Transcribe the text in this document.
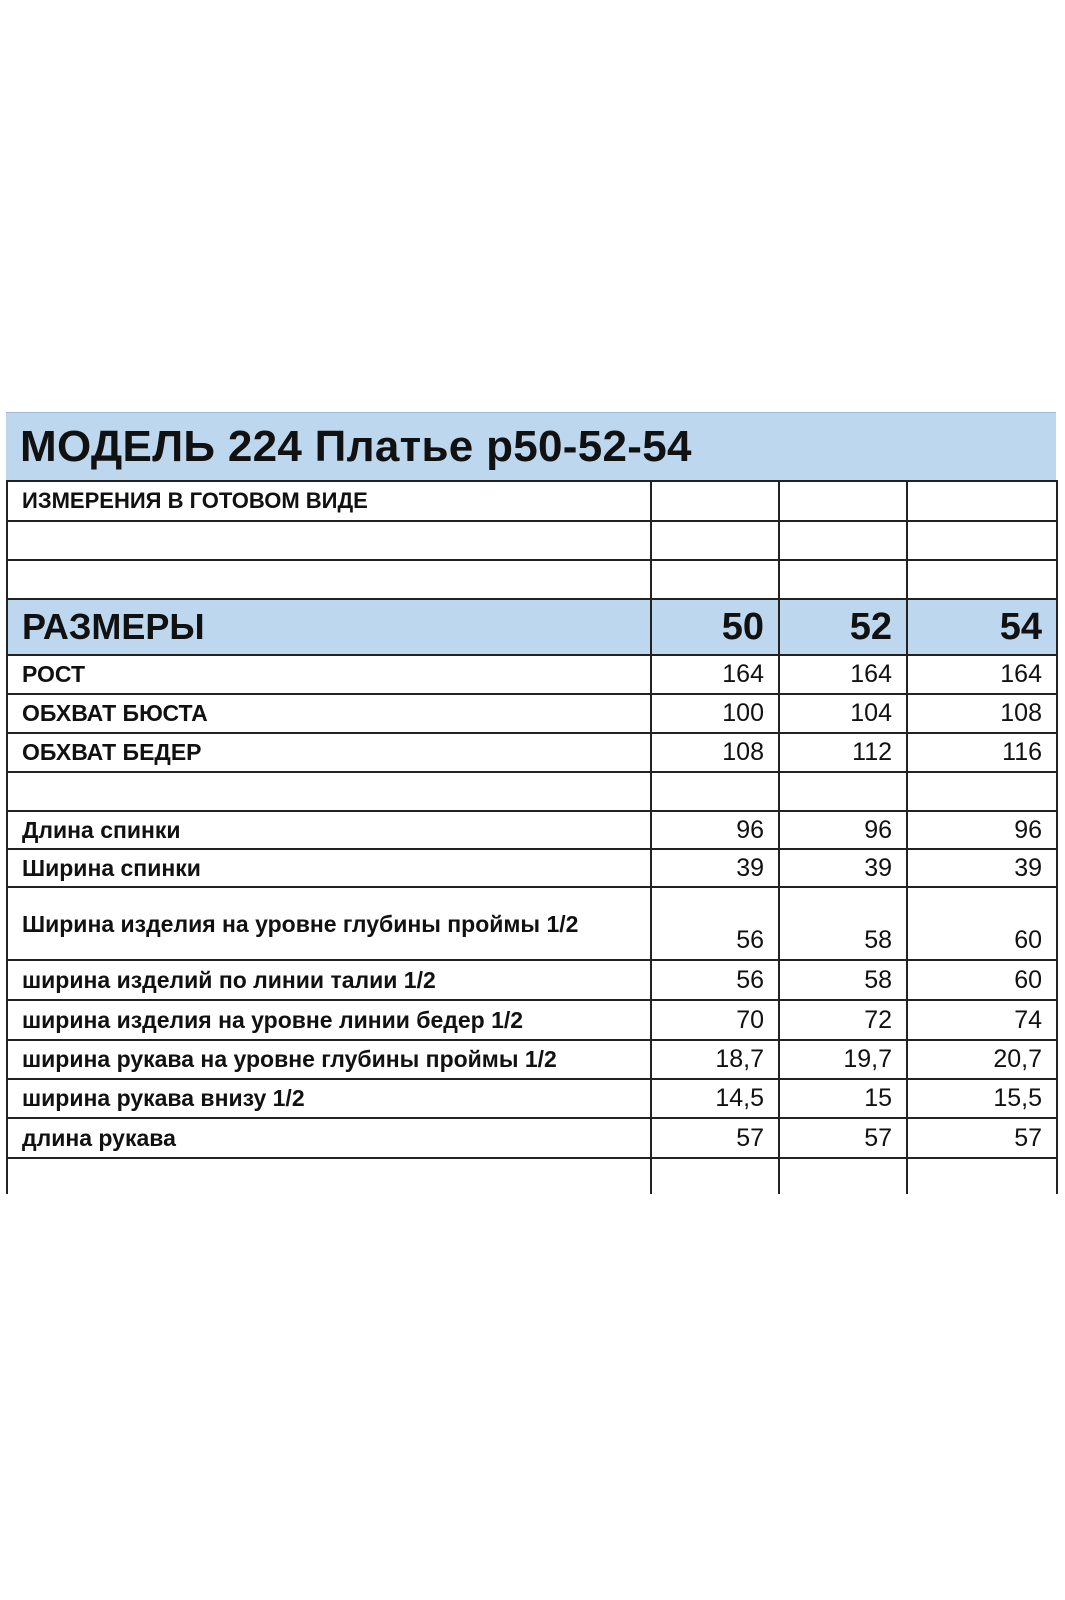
МОДЕЛЬ 224 Платье р50-52-54
ИЗМЕРЕНИЯ В ГОТОВОМ ВИДЕ			

РАЗМЕРЫ	50	52	54
РОСТ	164	164	164
ОБХВАТ БЮСТА	100	104	108
ОБХВАТ БЕДЕР	108	112	116

Длина спинки	96	96	96
Ширина спинки	39	39	39
Ширина изделия на уровне глубины проймы 1/2	56	58	60
ширина изделий по линии талии 1/2	56	58	60
ширина изделия на уровне линии бедер 1/2	70	72	74
ширина рукава на уровне глубины проймы 1/2	18,7	19,7	20,7
ширина рукава внизу 1/2	14,5	15	15,5
длина рукава	57	57	57
